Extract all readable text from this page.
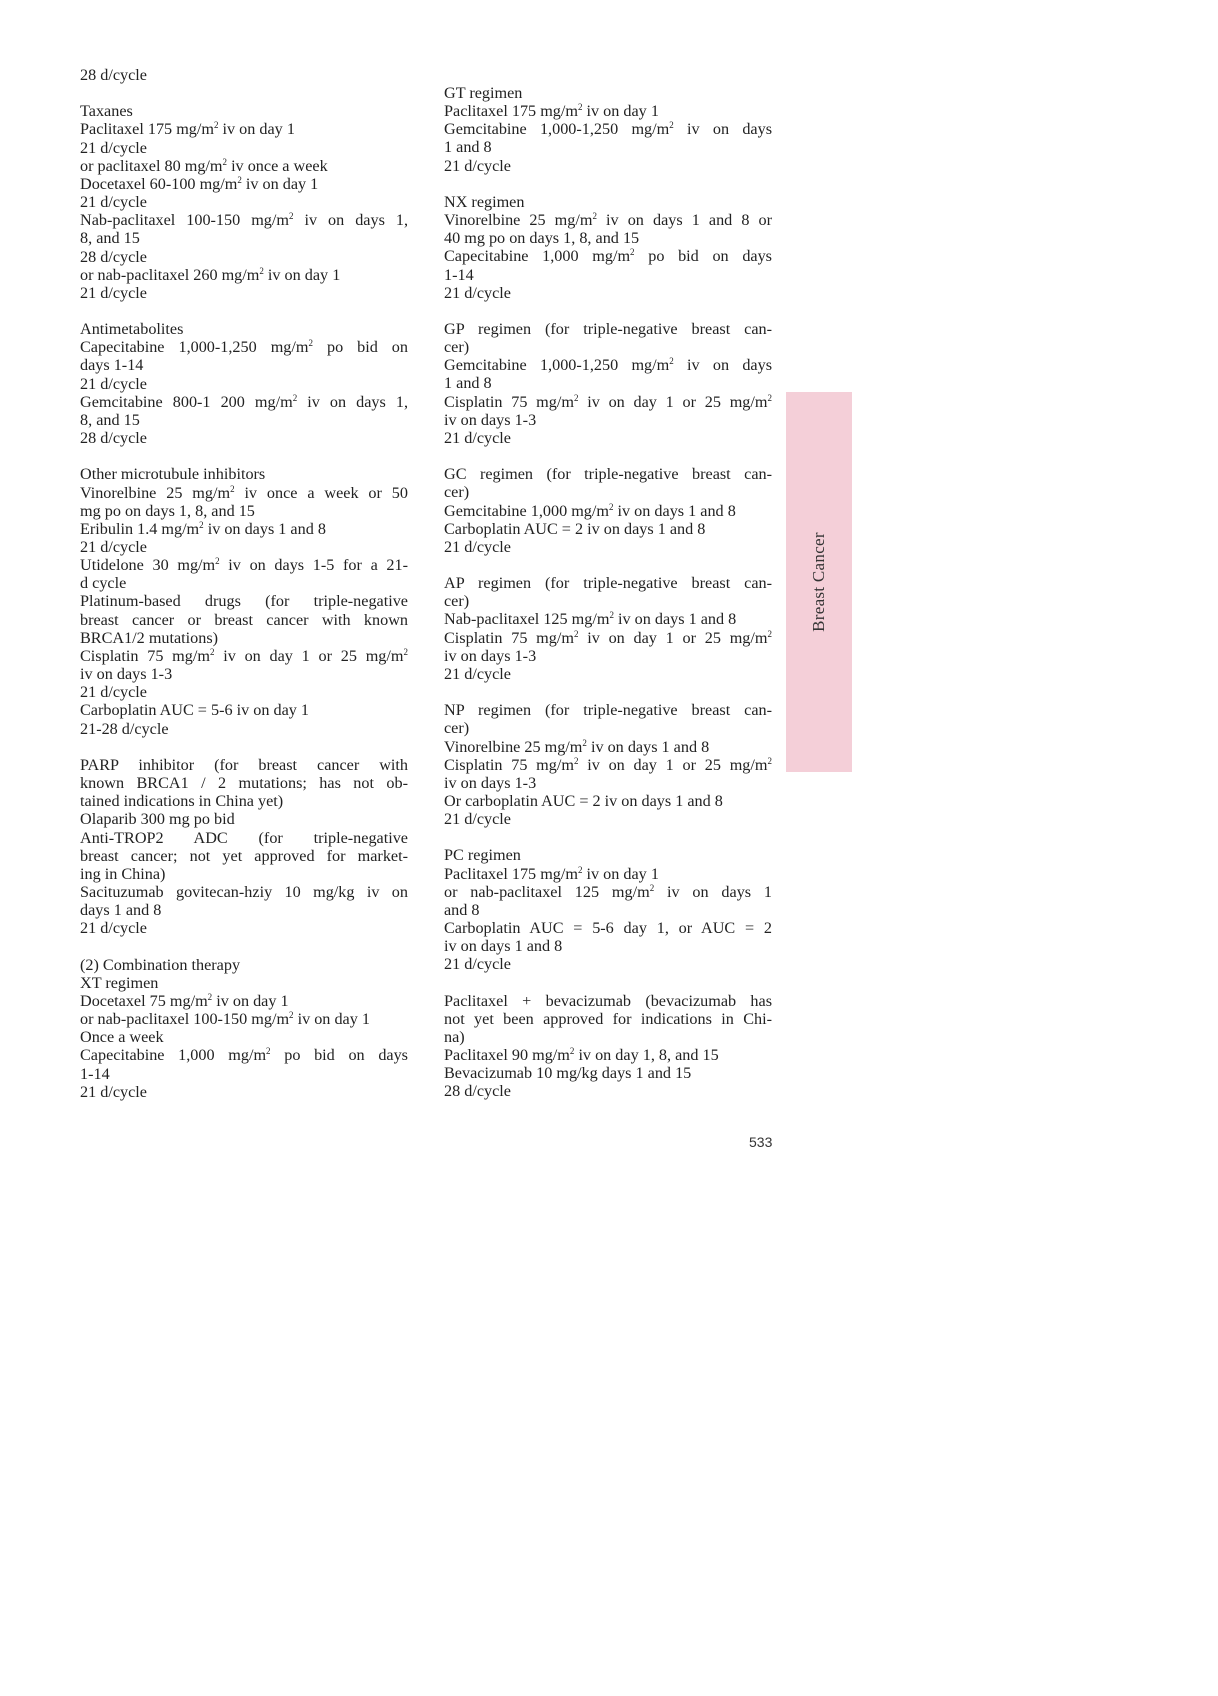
28 d/cycle
Taxanes
Paclitaxel 175 $mg/m^2$ iv on day 1
21 d/cycle
or paclitaxel 80 $mg/m^2$ iv once a week
Docetaxel 60-100 $mg/m^2$ iv on day 1
21 d/cycle
Nab-paclitaxel 100-150 $mg/m^2$ iv on days 1,
8, and 15
28 d/cycle
or nab-paclitaxel 260 $mg/m^2$ iv on day 1
21 d/cycle
Antimetabolites
Capecitabine 1,000-1,250 $mg/m^2$ po bid on
days 1-14
21 d/cycle
Gemcitabine 800-1 200 $mg/m^2$ iv on days 1,
8, and 15
28 d/cycle
Other microtubule inhibitors
Vinorelbine 25 $mg/m^2$ iv once a week or 50
mg po on days 1, 8, and 15
Eribulin 1.4 $mg/m^2$ iv on days 1 and 8
21 d/cycle
Utidelone 30 $mg/m^2$ iv on days 1-5 for a 21-
d cycle
Platinum-based drugs (for triple-negative
breast cancer or breast cancer with known
BRCA1/2 mutations)
Cisplatin 75 $mg/m^2$ iv on day 1 or 25 $mg/m^2$
iv on days 1-3
21 d/cycle
Carboplatin AUC = 5-6 iv on day 1
21-28 d/cycle
PARP inhibitor (for breast cancer with
known BRCA1 / 2 mutations; has not ob-
tained indications in China yet)
Olaparib 300 mg po bid
Anti-TROP2 ADC (for triple-negative
breast cancer; not yet approved for market-
ing in China)
Sacituzumab govitecan-hziy 10 mg/kg iv on
days 1 and 8
21 d/cycle
(2) Combination therapy
XT regimen
Docetaxel 75 $mg/m^2$ iv on day 1
or nab-paclitaxel 100-150 $mg/m^2$ iv on day 1
Once a week
Capecitabine 1,000 $mg/m^2$ po bid on days
1-14
21 d/cycle
GT regimen
Paclitaxel 175 $mg/m^2$ iv on day 1
Gemcitabine 1,000-1,250 $mg/m^2$ iv on days
1 and 8
21 d/cycle
NX regimen
Vinorelbine 25 $mg/m^2$ iv on days 1 and 8 or
40 mg po on days 1, 8, and 15
Capecitabine 1,000 $mg/m^2$ po bid on days
1-14
21 d/cycle
GP regimen (for triple-negative breast can-
cer)
Gemcitabine 1,000-1,250 $mg/m^2$ iv on days
1 and 8
Cisplatin 75 $mg/m^2$ iv on day 1 or 25 $mg/m^2$
iv on days 1-3
21 d/cycle
GC regimen (for triple-negative breast can-
cer)
Gemcitabine 1,000 $mg/m^2$ iv on days 1 and 8
Carboplatin AUC = 2 iv on days 1 and 8
21 d/cycle
AP regimen (for triple-negative breast can-
cer)
Nab-paclitaxel 125 $mg/m^2$ iv on days 1 and 8
Cisplatin 75 $mg/m^2$ iv on day 1 or 25 $mg/m^2$
iv on days 1-3
21 d/cycle
NP regimen (for triple-negative breast can-
cer)
Vinorelbine 25 $mg/m^2$ iv on days 1 and 8
Cisplatin 75 $mg/m^2$ iv on day 1 or 25 $mg/m^2$
iv on days 1-3
Or carboplatin AUC = 2 iv on days 1 and 8
21 d/cycle
PC regimen
Paclitaxel 175 $mg/m^2$ iv on day 1
or nab-paclitaxel 125 $mg/m^2$ iv on days 1
and 8
Carboplatin AUC = 5-6 day 1, or AUC = 2
iv on days 1 and 8
21 d/cycle
Paclitaxel + bevacizumab (bevacizumab has
not yet been approved for indications in Chi-
na)
Paclitaxel 90 $mg/m^2$ iv on day 1, 8, and 15
Bevacizumab 10 mg/kg days 1 and 15
28 d/cycle
Breast Cancer
533
